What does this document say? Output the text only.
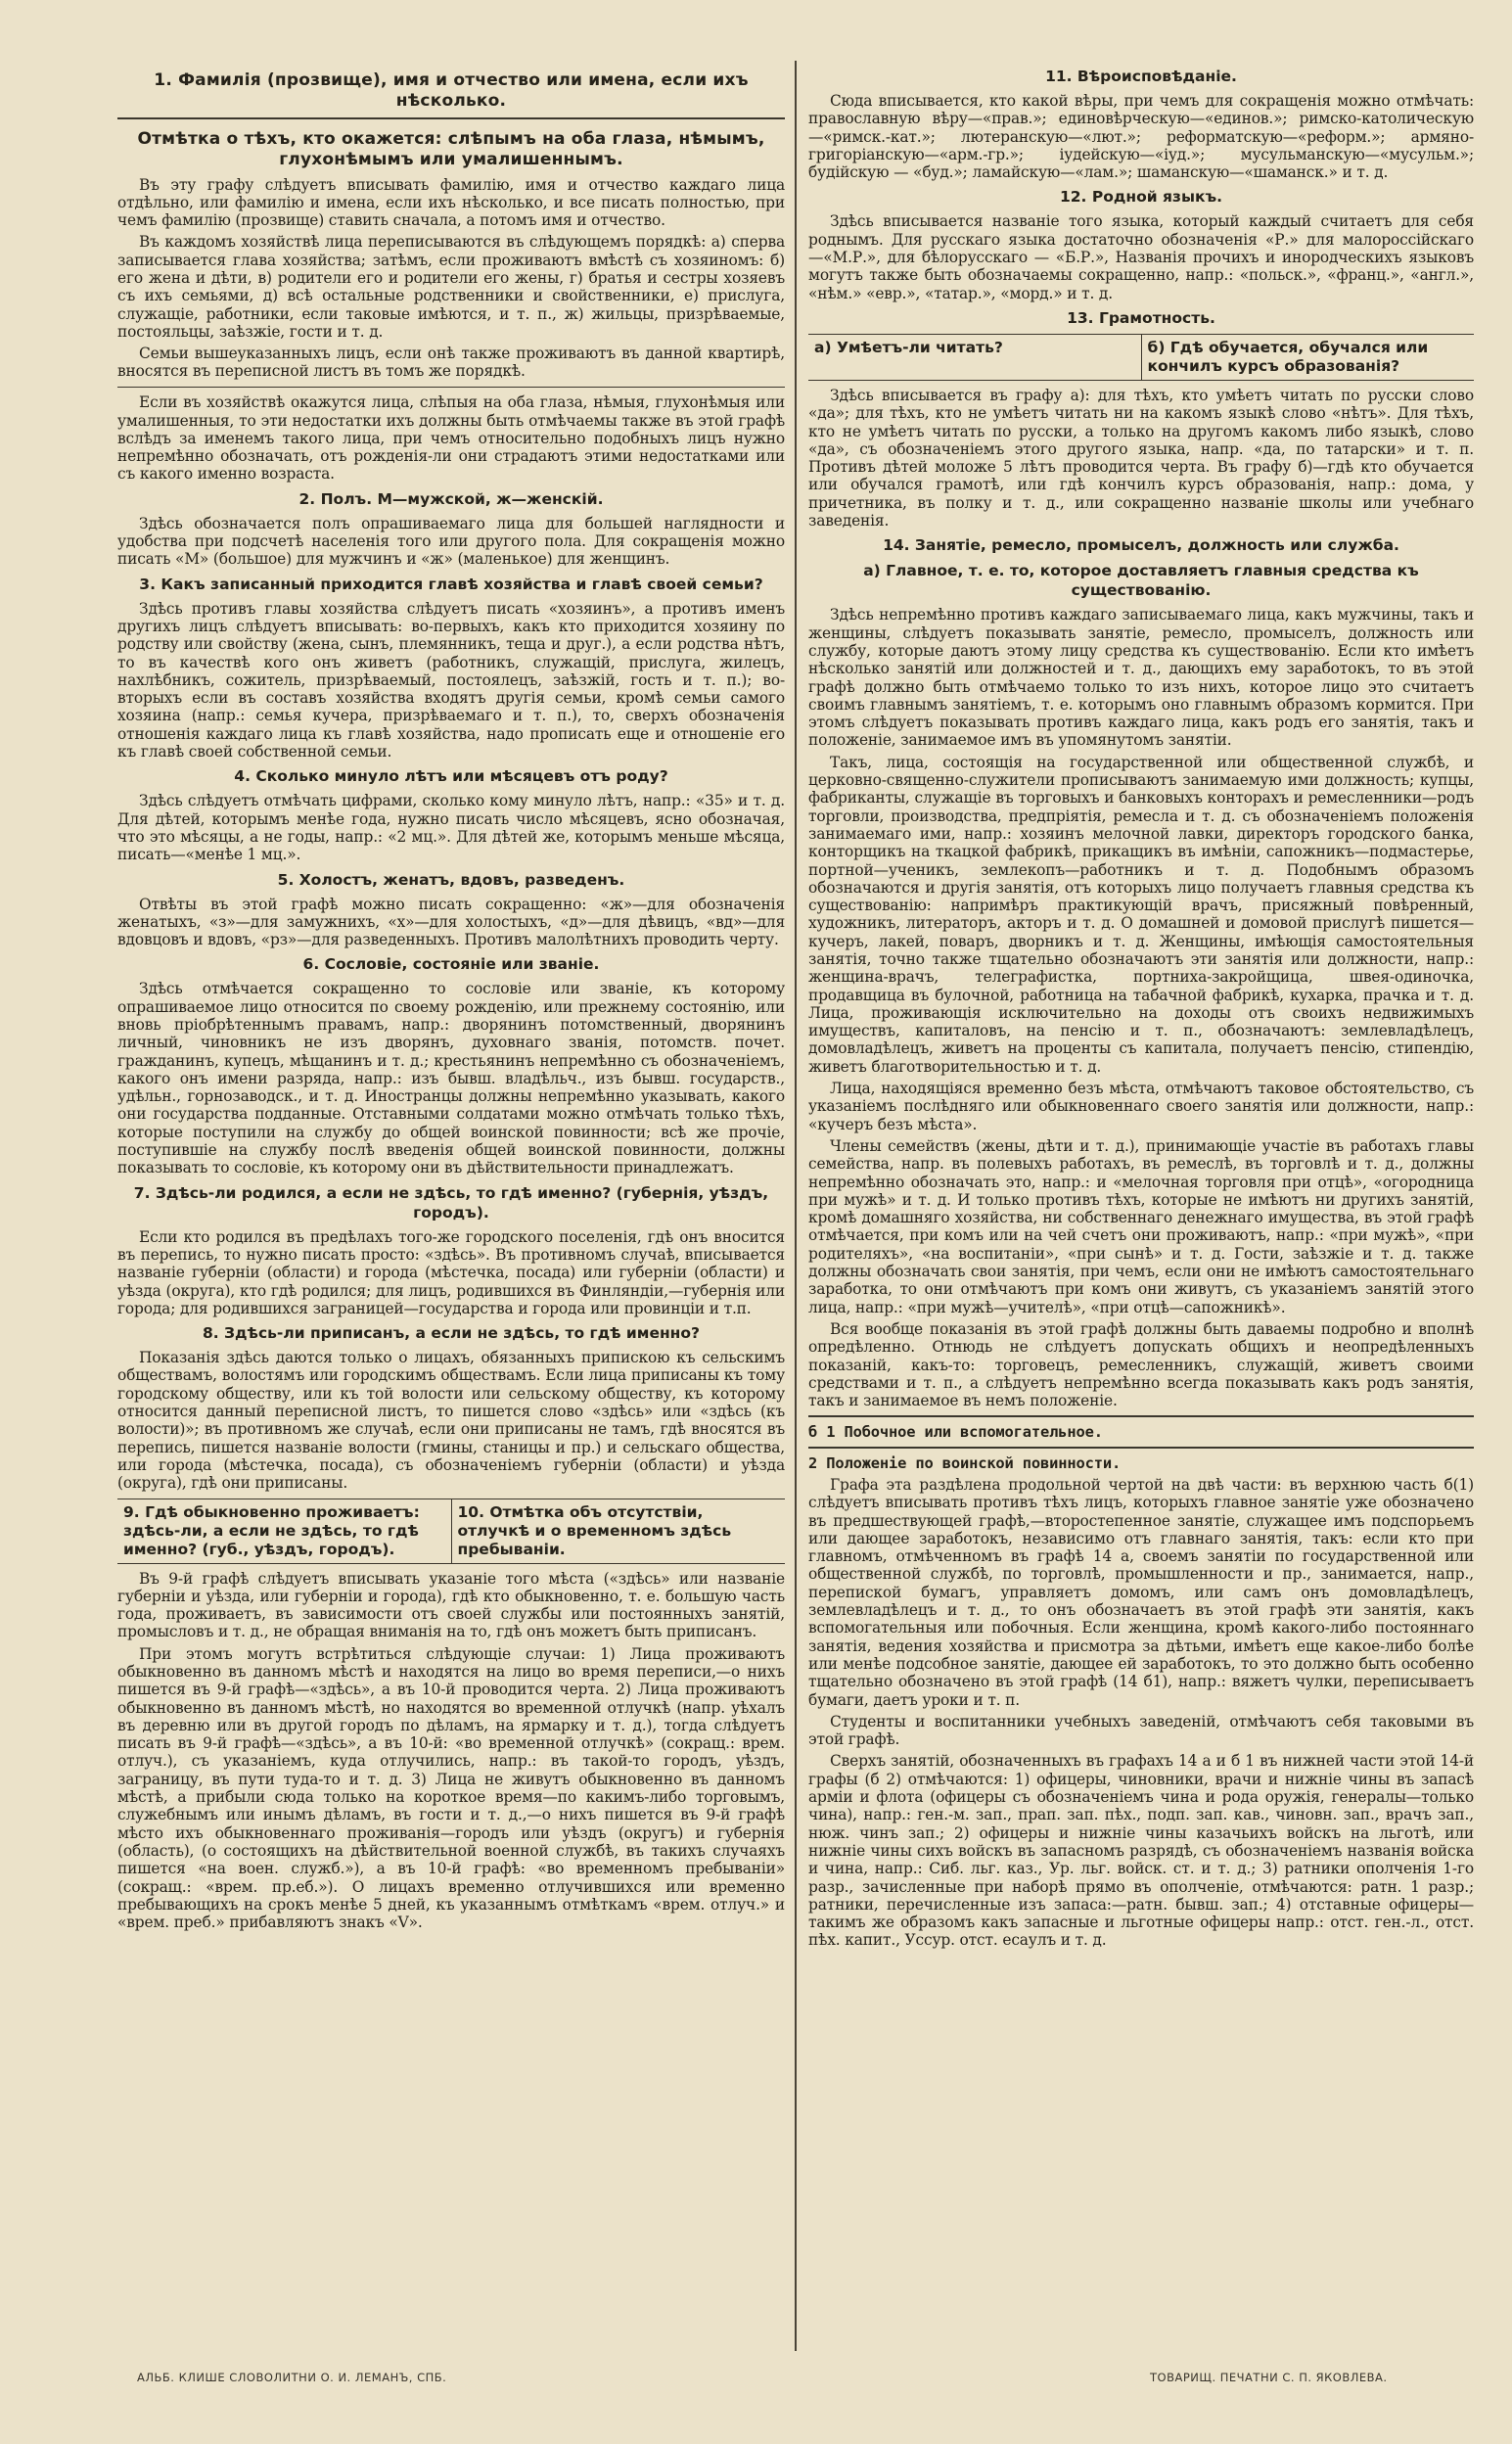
1. Фамилія (прозвище), имя и отчество или имена, если ихъ нѣсколько.
Отмѣтка о тѣхъ, кто окажется: слѣпымъ на оба глаза, нѣмымъ, глухонѣмымъ или умалишеннымъ.

Въ эту графу слѣдуетъ вписывать фамилію, имя и отчество каждаго лица отдѣльно, или фамилію и имена, если ихъ нѣсколько, и все писать полностью, при чемъ фамилію (прозвище) ставить сначала, а потомъ имя и отчество.

Въ каждомъ хозяйствѣ лица переписываются въ слѣдующемъ порядкѣ: а) сперва записывается глава хозяйства; затѣмъ, если проживаютъ вмѣстѣ съ хозяиномъ: б) его жена и дѣти, в) родители его и родители его жены, г) братья и сестры хозяевъ съ ихъ семьями, д) всѣ остальные родственники и свойственники, е) прислуга, служащіе, работники, если таковые имѣются, и т. п., ж) жильцы, призрѣваемые, постояльцы, заѣзжіе, гости и т. д.

Семьи вышеуказанныхъ лицъ, если онѣ также проживаютъ въ данной квартирѣ, вносятся въ переписной листъ въ томъ же порядкѣ.

Если въ хозяйствѣ окажутся лица, слѣпыя на оба глаза, нѣмыя, глухонѣмыя или умалишенныя, то эти недостатки ихъ должны быть отмѣчаемы также въ этой графѣ вслѣдъ за именемъ такого лица, при чемъ относительно подобныхъ лицъ нужно непремѣнно обозначать, отъ рожденія-ли они страдаютъ этими недостатками или съ какого именно возраста.

2. Полъ. М—мужской, ж—женскій.

Здѣсь обозначается полъ опрашиваемаго лица для большей наглядности и удобства при подсчетѣ населенія того или другого пола. Для сокращенія можно писать «М» (большое) для мужчинъ и «ж» (маленькое) для женщинъ.

3. Какъ записанный приходится главѣ хозяйства и главѣ своей семьи?

Здѣсь противъ главы хозяйства слѣдуетъ писать «хозяинъ», а противъ именъ другихъ лицъ слѣдуетъ вписывать: во-первыхъ, какъ кто приходится хозяину по родству или свойству (жена, сынъ, племянникъ, теща и друг.), а если родства нѣтъ, то въ качествѣ кого онъ живетъ (работникъ, служащій, прислуга, жилецъ, нахлѣбникъ, сожитель, призрѣваемый, постоялецъ, заѣзжій, гость и т. п.); во-вторыхъ если въ составъ хозяйства входятъ другія семьи, кромѣ семьи самого хозяина (напр.: семья кучера, призрѣваемаго и т. п.), то, сверхъ обозначенія отношенія каждаго лица къ главѣ хозяйства, надо прописать еще и отношеніе его къ главѣ своей собственной семьи.

4. Сколько минуло лѣтъ или мѣсяцевъ отъ роду?

Здѣсь слѣдуетъ отмѣчать цифрами, сколько кому минуло лѣтъ, напр.: «35» и т. д. Для дѣтей, которымъ менѣе года, нужно писать число мѣсяцевъ, ясно обозначая, что это мѣсяцы, а не годы, напр.: «2 мц.». Для дѣтей же, которымъ меньше мѣсяца, писать—«менѣе 1 мц.».

5. Холостъ, женатъ, вдовъ, разведенъ.

Отвѣты въ этой графѣ можно писать сокращенно: «ж»—для обозначенія женатыхъ, «з»—для замужнихъ, «х»—для холостыхъ, «д»—для дѣвицъ, «вд»—для вдовцовъ и вдовъ, «рз»—для разведенныхъ. Противъ малолѣтнихъ проводить черту.

6. Сословіе, состояніе или званіе.

Здѣсь отмѣчается сокращенно то сословіе или званіе, къ которому опрашиваемое лицо относится по своему рожденію, или прежнему состоянію, или вновь пріобрѣтеннымъ правамъ, напр.: дворянинъ потомственный, дворянинъ личный, чиновникъ не изъ дворянъ, духовнаго званія, потомств. почет. гражданинъ, купецъ, мѣщанинъ и т. д.; крестьянинъ непремѣнно съ обозначеніемъ, какого онъ имени разряда, напр.: изъ бывш. владѣльч., изъ бывш. государств., удѣльн., горнозаводск., и т. д. Иностранцы должны непремѣнно указывать, какого они государства подданные. Отставными солдатами можно отмѣчать только тѣхъ, которые поступили на службу до общей воинской повинности; всѣ же прочіе, поступившіе на службу послѣ введенія общей воинской повинности, должны показывать то сословіе, къ которому они въ дѣйствительности принадлежатъ.

7. Здѣсь-ли родился, а если не здѣсь, то гдѣ именно? (губернія, уѣздъ, городъ).

Если кто родился въ предѣлахъ того-же городского поселенія, гдѣ онъ вносится въ перепись, то нужно писать просто: «здѣсь». Въ противномъ случаѣ, вписывается названіе губерніи (области) и города (мѣстечка, посада) или губерніи (области) и уѣзда (округа), кто гдѣ родился; для лицъ, родившихся въ Финляндіи,—губернія или города; для родившихся заграницей—государства и города или провинціи и т.п.

8. Здѣсь-ли приписанъ, а если не здѣсь, то гдѣ именно?

Показанія здѣсь даются только о лицахъ, обязанныхъ припискою къ сельскимъ обществамъ, волостямъ или городскимъ обществамъ. Если лица приписаны къ тому городскому обществу, или къ той волости или сельскому обществу, къ которому относится данный переписной листъ, то пишется слово «здѣсь» или «здѣсь (къ волости)»; въ противномъ же случаѣ, если они приписаны не тамъ, гдѣ вносятся въ перепись, пишется названіе волости (гмины, станицы и пр.) и сельскаго общества, или города (мѣстечка, посада), съ обозначеніемъ губерніи (области) и уѣзда (округа), гдѣ они приписаны.

9. Гдѣ обыкновенно проживаетъ: здѣсь-ли, а если не здѣсь, то гдѣ именно? (губ., уѣздъ, городъ).
10. Отмѣтка объ отсутствіи, отлучкѣ и о временномъ здѣсь пребываніи.

Въ 9-й графѣ слѣдуетъ вписывать указаніе того мѣста («здѣсь» или названіе губерніи и уѣзда, или губерніи и города), гдѣ кто обыкновенно, т. е. большую часть года, проживаетъ, въ зависимости отъ своей службы или постоянныхъ занятій, промысловъ и т. д., не обращая вниманія на то, гдѣ онъ можетъ быть приписанъ.

При этомъ могутъ встрѣтиться слѣдующіе случаи: 1) Лица проживаютъ обыкновенно въ данномъ мѣстѣ и находятся на лицо во время переписи,—о нихъ пишется въ 9-й графѣ—«здѣсь», а въ 10-й проводится черта. 2) Лица проживаютъ обыкновенно въ данномъ мѣстѣ, но находятся во временной отлучкѣ (напр. уѣхалъ въ деревню или въ другой городъ по дѣламъ, на ярмарку и т. д.), тогда слѣдуетъ писать въ 9-й графѣ—«здѣсь», а въ 10-й: «во временной отлучкѣ» (сокращ.: врем. отлуч.), съ указаніемъ, куда отлучились, напр.: въ такой-то городъ, уѣздъ, заграницу, въ пути туда-то и т. д. 3) Лица не живутъ обыкновенно въ данномъ мѣстѣ, а прибыли сюда только на короткое время—по какимъ-либо торговымъ, служебнымъ или инымъ дѣламъ, въ гости и т. д.,—о нихъ пишется въ 9-й графѣ мѣсто ихъ обыкновеннаго проживанія—городъ или уѣздъ (округъ) и губернія (область), (о состоящихъ на дѣйствительной военной службѣ, въ такихъ случаяхъ пишется «на воен. служб.»), а въ 10-й графѣ: «во временномъ пребываніи» (сокращ.: «врем. пр.еб.»). О лицахъ временно отлучившихся или временно пребывающихъ на срокъ менѣе 5 дней, къ указаннымъ отмѣткамъ «врем. отлуч.» и «врем. преб.» прибавляютъ знакъ «V».

11. Вѣроисповѣданіе.

Сюда вписывается, кто какой вѣры, при чемъ для сокращенія можно отмѣчать: православную вѣру—«прав.»; единовѣрческую—«единов.»; римско-католическую—«римск.-кат.»; лютеранскую—«лют.»; реформатскую—«реформ.»; армяно-григоріанскую—«арм.-гр.»; іудейскую—«іуд.»; мусульманскую—«мусульм.»; будійскую — «буд.»; ламайскую—«лам.»; шаманскую—«шаманск.» и т. д.

12. Родной языкъ.

Здѣсь вписывается названіе того языка, который каждый считаетъ для себя роднымъ. Для русскаго языка достаточно обозначенія «Р.» для малороссійскаго—«М.Р.», для бѣлорусскаго — «Б.Р.», Названія прочихъ и инородческихъ языковъ могутъ также быть обозначаемы сокращенно, напр.: «польск.», «франц.», «англ.», «нѣм.» «евр.», «татар.», «морд.» и т. д.

13. Грамотность.
а) Умѣетъ-ли читать?	б) Гдѣ обучается, обучался или кончилъ курсъ образованія?

Здѣсь вписывается въ графу а): для тѣхъ, кто умѣетъ читать по русски слово «да»; для тѣхъ, кто не умѣетъ читать ни на какомъ языкѣ слово «нѣтъ». Для тѣхъ, кто не умѣетъ читать по русски, а только на другомъ какомъ либо языкѣ, слово «да», съ обозначеніемъ этого другого языка, напр. «да, по татарски» и т. п. Противъ дѣтей моложе 5 лѣтъ проводится черта. Въ графу б)—гдѣ кто обучается или обучался грамотѣ, или гдѣ кончилъ курсъ образованія, напр.: дома, у причетника, въ полку и т. д., или сокращенно названіе школы или учебнаго заведенія.

14. Занятіе, ремесло, промыселъ, должность или служба.
а) Главное, т. е. то, которое доставляетъ главныя средства къ существованію.

Здѣсь непремѣнно противъ каждаго записываемаго лица, какъ мужчины, такъ и женщины, слѣдуетъ показывать занятіе, ремесло, промыселъ, должность или службу, которые даютъ этому лицу средства къ существованію. Если кто имѣетъ нѣсколько занятій или должностей и т. д., дающихъ ему заработокъ, то въ этой графѣ должно быть отмѣчаемо только то изъ нихъ, которое лицо это считаетъ своимъ главнымъ занятіемъ, т. е. которымъ оно главнымъ образомъ кормится. При этомъ слѣдуетъ показывать противъ каждаго лица, какъ родъ его занятія, такъ и положеніе, занимаемое имъ въ упомянутомъ занятіи.

Такъ, лица, состоящія на государственной или общественной службѣ, и церковно-священно-служители прописываютъ занимаемую ими должность; купцы, фабриканты, служащіе въ торговыхъ и банковыхъ конторахъ и ремесленники—родъ торговли, производства, предпріятія, ремесла и т. д. съ обозначеніемъ положенія занимаемаго ими, напр.: хозяинъ мелочной лавки, директоръ городского банка, конторщикъ на ткацкой фабрикѣ, прикащикъ въ имѣніи, сапожникъ—подмастерье, портной—ученикъ, землекопъ—работникъ и т. д. Подобнымъ образомъ обозначаются и другія занятія, отъ которыхъ лицо получаетъ главныя средства къ существованію: напримѣръ практикующій врачъ, присяжный повѣренный, художникъ, литераторъ, акторъ и т. д. О домашней и домовой прислугѣ пишется—кучеръ, лакей, поваръ, дворникъ и т. д. Женщины, имѣющія самостоятельныя занятія, точно также тщательно обозначаютъ эти занятія или должности, напр.: женщина-врачъ, телеграфистка, портниха-закройщица, швея-одиночка, продавщица въ булочной, работница на табачной фабрикѣ, кухарка, прачка и т. д. Лица, проживающія исключительно на доходы отъ своихъ недвижимыхъ имуществъ, капиталовъ, на пенсію и т. п., обозначаютъ: землевладѣлецъ, домовладѣлецъ, живетъ на проценты съ капитала, получаетъ пенсію, стипендію, живетъ благотворительностью и т. д.

Лица, находящіяся временно безъ мѣста, отмѣчаютъ таковое обстоятельство, съ указаніемъ послѣдняго или обыкновеннаго своего занятія или должности, напр.: «кучеръ безъ мѣста».

Члены семействъ (жены, дѣти и т. д.), принимающіе участіе въ работахъ главы семейства, напр. въ полевыхъ работахъ, въ ремеслѣ, въ торговлѣ и т. д., должны непремѣнно обозначать это, напр.: и «мелочная торговля при отцѣ», «огородница при мужѣ» и т. д. И только противъ тѣхъ, которые не имѣютъ ни другихъ занятій, кромѣ домашняго хозяйства, ни собственнаго денежнаго имущества, въ этой графѣ отмѣчается, при комъ или на чей счетъ они проживаютъ, напр.: «при мужѣ», «при родителяхъ», «на воспитаніи», «при сынѣ» и т. д. Гости, заѣзжіе и т. д. также должны обозначать свои занятія, при чемъ, если они не имѣютъ самостоятельнаго заработка, то они отмѣчаютъ при комъ они живутъ, съ указаніемъ занятій этого лица, напр.: «при мужѣ—учителѣ», «при отцѣ—сапожникѣ».

Вся вообще показанія въ этой графѣ должны быть даваемы подробно и вполнѣ опредѣленно. Отнюдь не слѣдуетъ допускать общихъ и неопредѣленныхъ показаній, какъ-то: торговецъ, ремесленникъ, служащій, живетъ своими средствами и т. п., а слѣдуетъ непремѣнно всегда показывать какъ родъ занятія, такъ и занимаемое въ немъ положеніе.

б 1 Побочное или вспомогательное.

2 Положеніе по воинской повинности.

Графа эта раздѣлена продольной чертой на двѣ части: въ верхнюю часть б(1) слѣдуетъ вписывать противъ тѣхъ лицъ, которыхъ главное занятіе уже обозначено въ предшествующей графѣ,—второстепенное занятіе, служащее имъ подспорьемъ или дающее заработокъ, независимо отъ главнаго занятія, такъ: если кто при главномъ, отмѣченномъ въ графѣ 14 а, своемъ занятіи по государственной или общественной службѣ, по торговлѣ, промышленности и пр., занимается, напр., перепиской бумагъ, управляетъ домомъ, или самъ онъ домовладѣлецъ, землевладѣлецъ и т. д., то онъ обозначаетъ въ этой графѣ эти занятія, какъ вспомогательныя или побочныя. Если женщина, кромѣ какого-либо постояннаго занятія, ведения хозяйства и присмотра за дѣтьми, имѣетъ еще какое-либо болѣе или менѣе подсобное занятіе, дающее ей заработокъ, то это должно быть особенно тщательно обозначено въ этой графѣ (14 б1), напр.: вяжетъ чулки, переписываетъ бумаги, даетъ уроки и т. п.

Студенты и воспитанники учебныхъ заведеній, отмѣчаютъ себя таковыми въ этой графѣ.

Сверхъ занятій, обозначенныхъ въ графахъ 14 а и б 1 въ нижней части этой 14-й графы (б 2) отмѣчаются: 1) офицеры, чиновники, врачи и нижніе чины въ запасѣ арміи и флота (офицеры съ обозначеніемъ чина и рода оружія, генералы—только чина), напр.: ген.-м. зап., прап. зап. пѣх., подп. зап. кав., чиновн. зап., врачъ зап., нюж. чинъ зап.; 2) офицеры и нижніе чины казачьихъ войскъ на льготѣ, или нижніе чины сихъ войскъ въ запасномъ разрядѣ, съ обозначеніемъ названія войска и чина, напр.: Сиб. льг. каз., Ур. льг. войск. ст. и т. д.; 3) ратники ополченія 1-го разр., зачисленные при наборѣ прямо въ ополченіе, отмѣчаются: ратн. 1 разр.; ратники, перечисленные изъ запаса:—ратн. бывш. зап.; 4) отставные офицеры—такимъ же образомъ какъ запасные и льготные офицеры напр.: отст. ген.-л., отст. пѣх. капит., Уссур. отст. есаулъ и т. д.

АЛЬБ. КЛИШЕ СЛОВОЛИТНИ О. И. ЛЕМАНЪ, СПБ.	ТОВАРИЩ. ПЕЧАТНИ С. П. ЯКОВЛЕВА.
